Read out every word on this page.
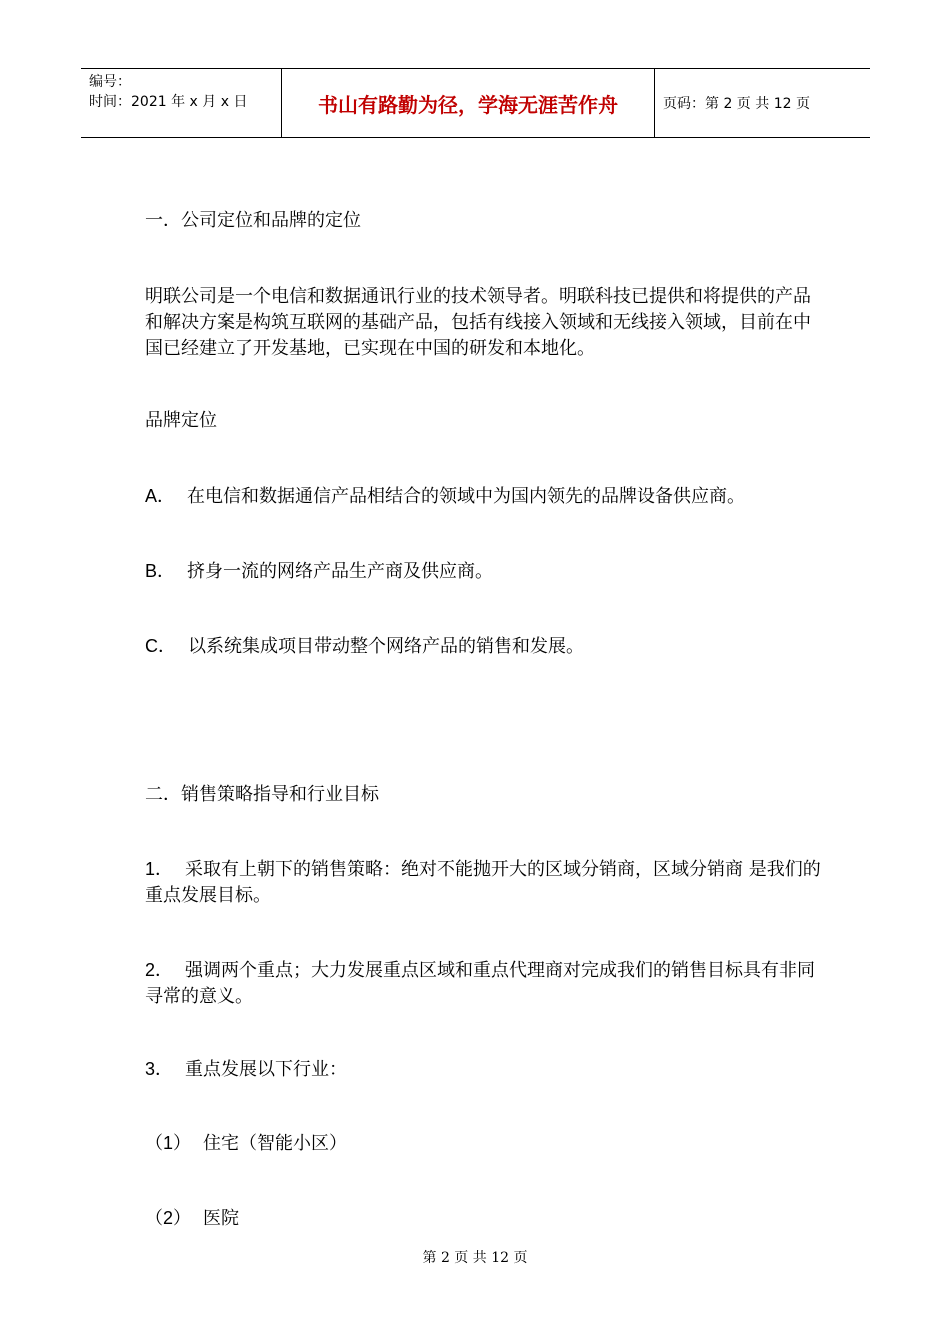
编号：
时间：2021 年 x 月 x 日	书山有路勤为径，学海无涯苦作舟	页码：第 2 页 共 12 页

一．公司定位和品牌的定位

明联公司是一个电信和数据通讯行业的技术领导者。明联科技已提供和将提供的产品和解决方案是构筑互联网的基础产品，包括有线接入领域和无线接入领域，目前在中国已经建立了开发基地，已实现在中国的研发和本地化。

品牌定位

A． 在电信和数据通信产品相结合的领域中为国内领先的品牌设备供应商。

B． 挤身一流的网络产品生产商及供应商。

C． 以系统集成项目带动整个网络产品的销售和发展。

二．销售策略指导和行业目标

1． 采取有上朝下的销售策略：绝对不能抛开大的区域分销商，区域分销商 是我们的重点发展目标。

2． 强调两个重点；大力发展重点区域和重点代理商对完成我们的销售目标具有非同寻常的意义。

3． 重点发展以下行业：

（1） 住宅（智能小区）

（2） 医院

第 2 页 共 12 页
